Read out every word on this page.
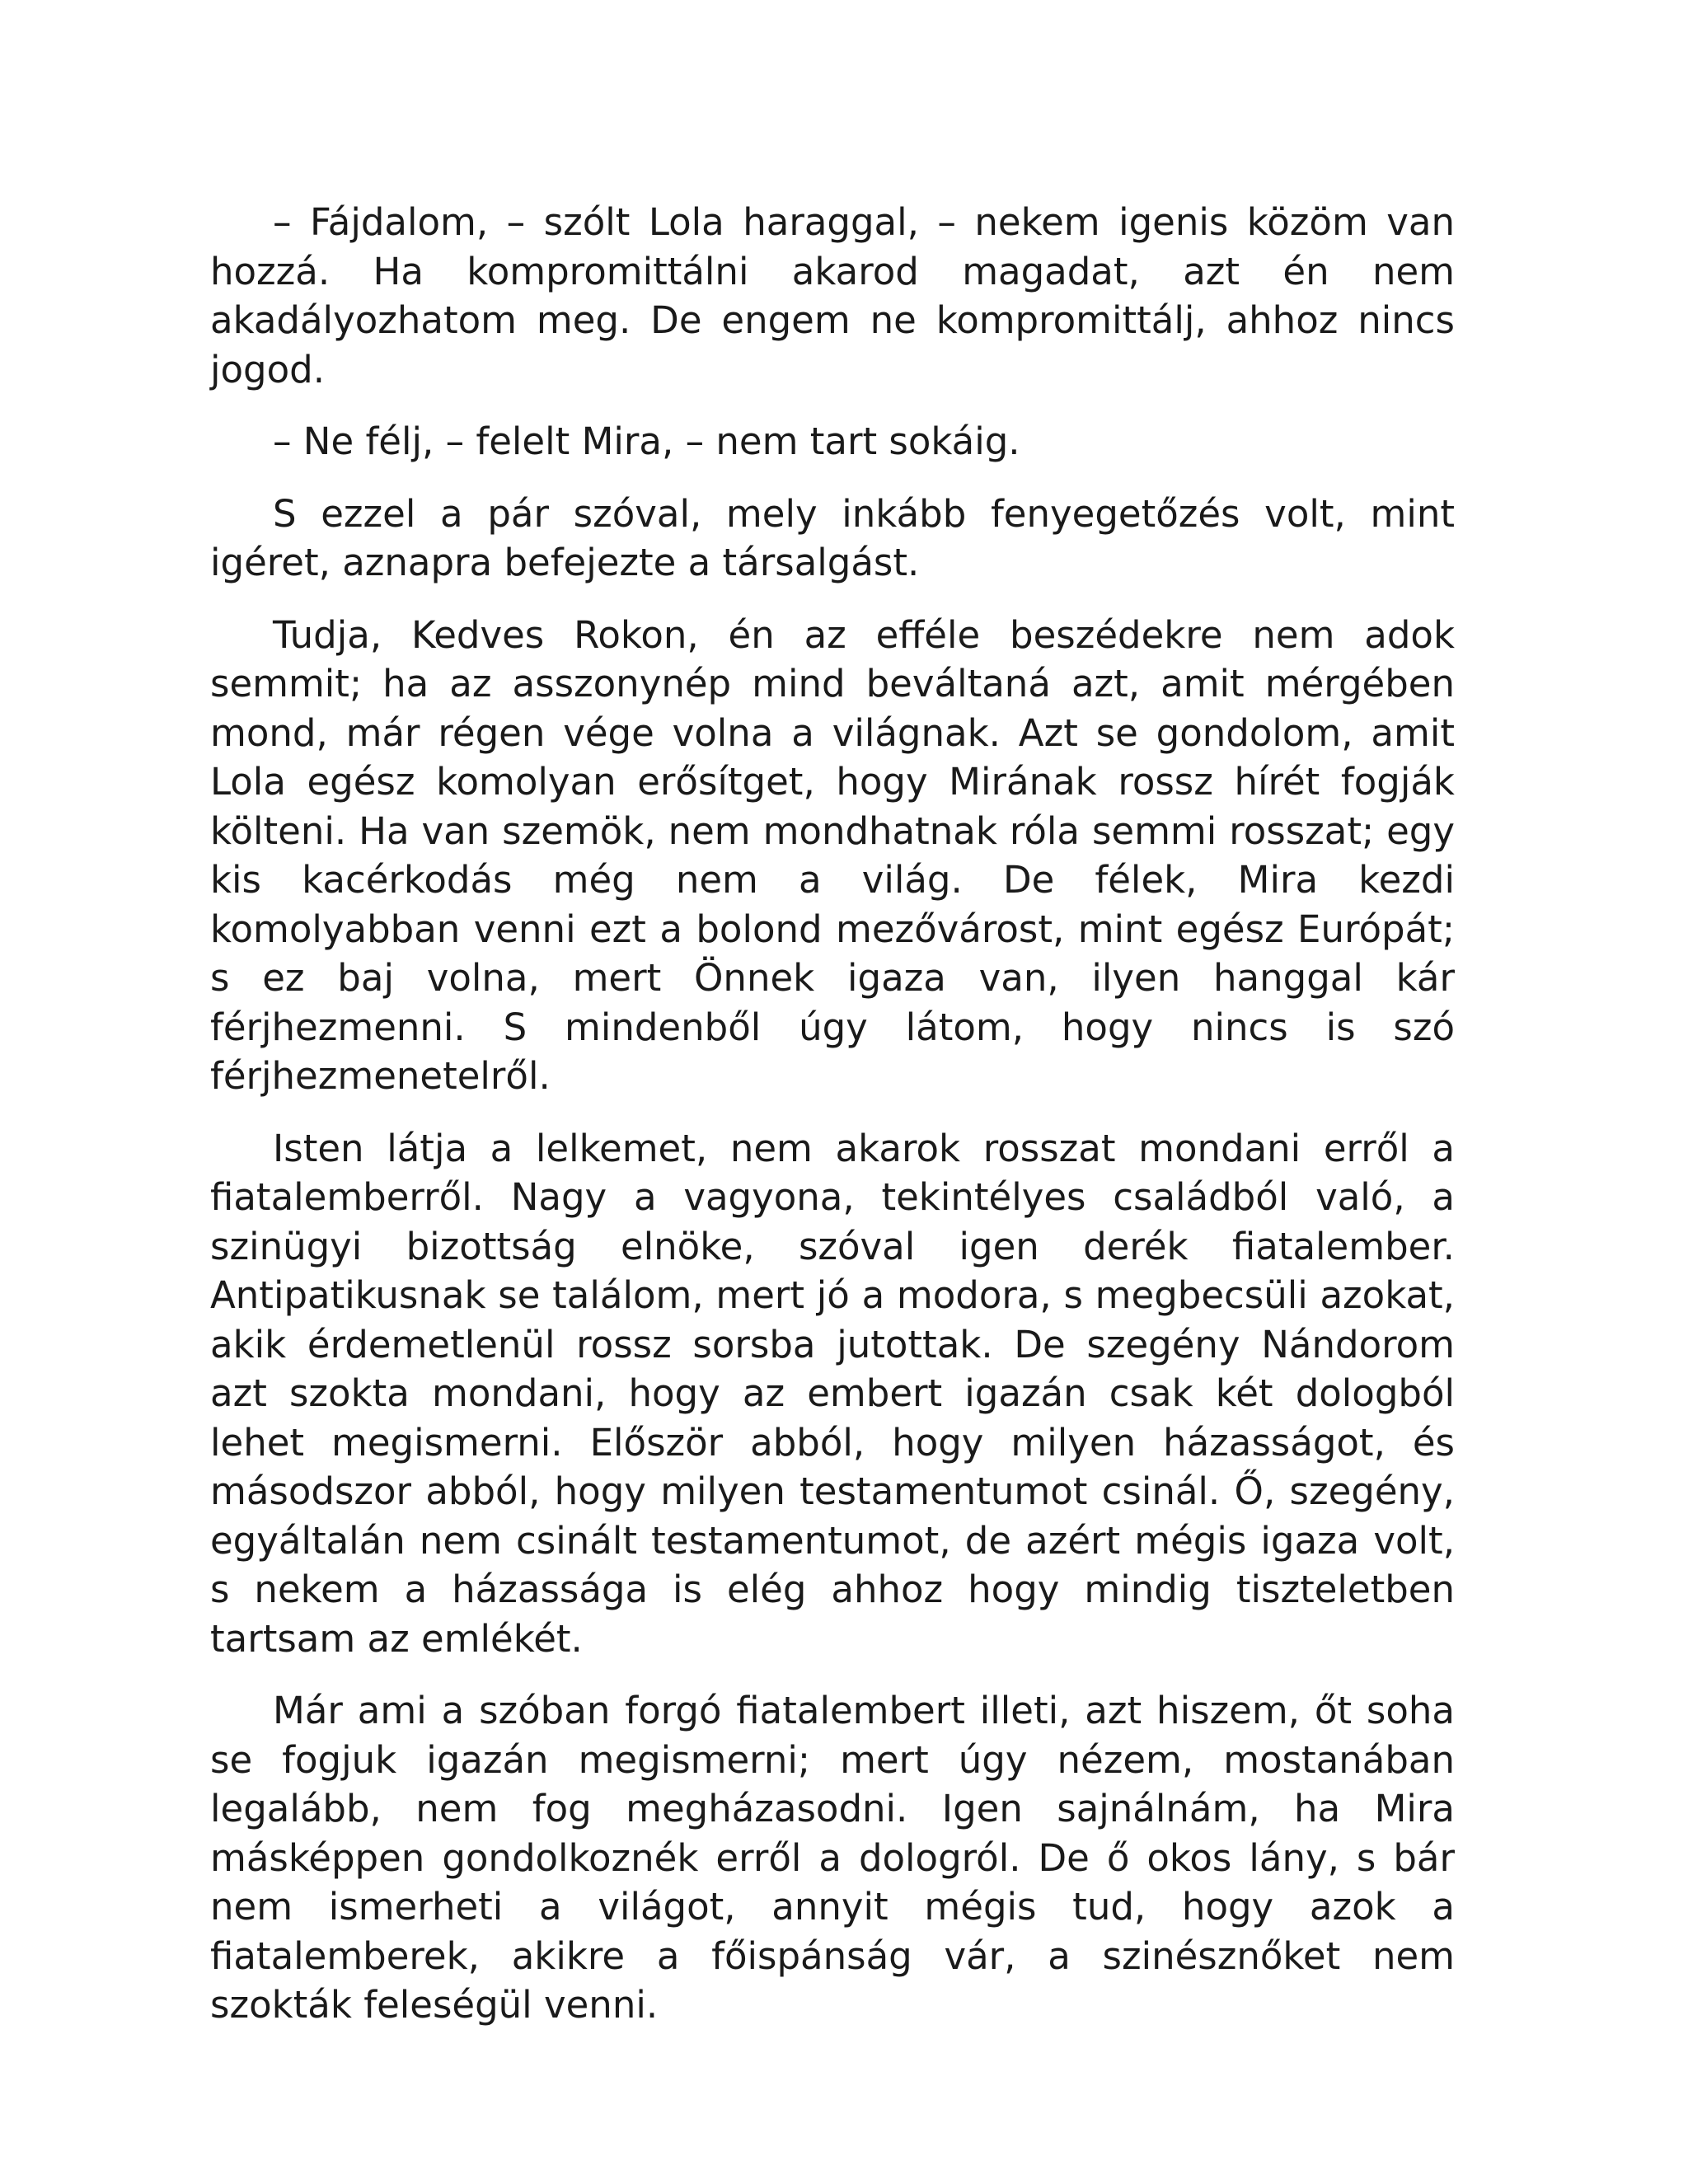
– Fájdalom, – szólt Lola haraggal, – nekem igenis közöm van hozzá. Ha kompromittálni akarod magadat, azt én nem akadályozhatom meg. De engem ne kompromittálj, ahhoz nincs jogod.

– Ne félj, – felelt Mira, – nem tart sokáig.

S ezzel a pár szóval, mely inkább fenyegetőzés volt, mint igéret, aznapra befejezte a társalgást.

Tudja, Kedves Rokon, én az efféle beszédekre nem adok semmit; ha az asszonynép mind beváltaná azt, amit mérgében mond, már régen vége volna a világnak. Azt se gondolom, amit Lola egész komolyan erősítget, hogy Mirának rossz hírét fogják költeni. Ha van szemök, nem mondhatnak róla semmi rosszat; egy kis kacérkodás még nem a világ. De félek, Mira kezdi komolyabban venni ezt a bolond mezővárost, mint egész Európát; s ez baj volna, mert Önnek igaza van, ilyen hanggal kár férjhezmenni. S mindenből úgy látom, hogy nincs is szó férjhezmenetelről.

Isten látja a lelkemet, nem akarok rosszat mondani erről a fiatalemberről. Nagy a vagyona, tekintélyes családból való, a szinügyi bizottság elnöke, szóval igen derék fiatalember. Antipatikusnak se találom, mert jó a modora, s megbecsüli azokat, akik érdemetlenül rossz sorsba jutottak. De szegény Nándorom azt szokta mondani, hogy az embert igazán csak két dologból lehet megismerni. Először abból, hogy milyen házasságot, és másodszor abból, hogy milyen testamentumot csinál. Ő, szegény, egyáltalán nem csinált testamentumot, de azért mégis igaza volt, s nekem a házassága is elég ahhoz hogy mindig tiszteletben tartsam az emlékét.

Már ami a szóban forgó fiatalembert illeti, azt hiszem, őt soha se fogjuk igazán megismerni; mert úgy nézem, mostanában legalább, nem fog megházasodni. Igen sajnálnám, ha Mira másképpen gondolkoznék erről a dologról. De ő okos lány, s bár nem ismerheti a világot, annyit mégis tud, hogy azok a fiatalemberek, akikre a főispánság vár, a szinésznőket nem szokták feleségül venni.
